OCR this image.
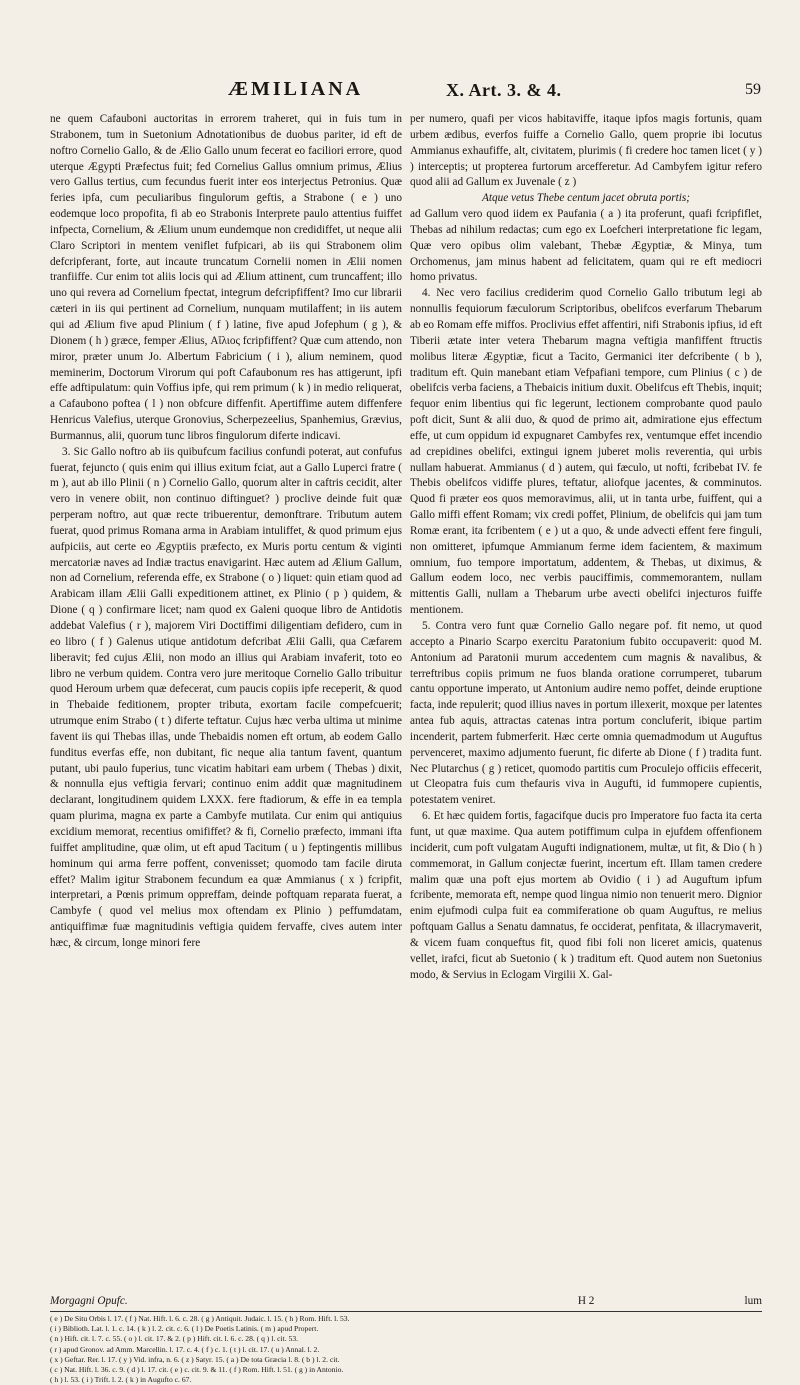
ÆMILIANA	X. Art. 3. & 4.	59

ne quem Cafauboni auctoritas in errorem traheret, qui in fuis tum in Strabonem, tum in Suetonium Adnotationibus de duobus pariter, id eft de noftro Cornelio Gallo, & de Ælio Gallo unum fecerat eo faciliori errore, quod uterque Ægypti Præfectus fuit; fed Cornelius Gallus omnium primus, Ælius vero Gallus tertius, cum fecundus fuerit inter eos interjectus Petronius. Quæ feries ipfa, cum peculiaribus fingulorum geftis, a Strabone ( e ) uno eodemque loco propofita, fi ab eo Strabonis Interprete paulo attentius fuiffet infpecta, Cornelium, & Ælium unum eundemque non credidiffet, ut neque alii Claro Scriptori in mentem veniflet fufpicari, ab iis qui Strabonem olim defcripferant, forte, aut incaute truncatum Cornelii nomen in Ælii nomen tranfiiffe. Cur enim tot aliis locis qui ad Ælium attinent, cum truncaffent; illo uno qui revera ad Cornelium fpectat, integrum defcripfiffent? Imo cur librarii cæteri in iis qui pertinent ad Cornelium, nunquam mutilaffent; in iis autem qui ad Ælium five apud Plinium ( f ) latine, five apud Jofephum ( g ), & Dionem ( h ) græce, femper Ælius, Αἴλιος fcripfiffent? Quæ cum attendo, non miror, præter unum Jo. Albertum Fabricium ( i ), alium neminem, quod meminerim, Doctorum Virorum qui poft Cafaubonum res has attigerunt, ipfi effe adftipulatum: quin Voffius ipfe, qui rem primum ( k ) in medio reliquerat, a Cafaubono poftea ( l ) non obfcure diffenfit. Apertiffime autem diffenfere Henricus Valefius, uterque Gronovius, Scherpezeelius, Spanhemius, Grævius, Burmannus, alii, quorum tunc libros fingulorum diferte indicavi.

3. Sic Gallo noftro ab iis quibufcum facilius confundi poterat, aut confufus fuerat, fejuncto ( quis enim qui illius exitum fciat, aut a Gallo Luperci fratre ( m ), aut ab illo Plinii ( n ) Cornelio Gallo, quorum alter in caftris cecidit, alter vero in venere obiit, non continuo diftinguet? ) proclive deinde fuit quæ perperam noftro, aut quæ recte tribuerentur, demonftrare. Tributum autem fuerat, quod primus Romana arma in Arabiam intuliffet, & quod primum ejus aufpiciis, aut certe eo Ægyptiis præfecto, ex Muris portu centum & viginti mercatoriæ naves ad Indiæ tractus enavigarint. Hæc autem ad Ælium Gallum, non ad Cornelium, referenda effe, ex Strabone ( o ) liquet: quin etiam quod ad Arabicam illam Ælii Galli expeditionem attinet, ex Plinio ( p ) quidem, & Dione ( q ) confirmare licet; nam quod ex Galeni quoque libro de Antidotis addebat Valefius ( r ), majorem Viri Doctiffimi diligentiam defidero, cum in eo libro ( f ) Galenus utique antidotum defcribat Ælii Galli, qua Cæfarem liberavit; fed cujus Ælii, non modo an illius qui Arabiam invaferit, toto eo libro ne verbum quidem. Contra vero jure meritoque Cornelio Gallo tribuitur quod Heroum urbem quæ defecerat, cum paucis copiis ipfe receperit, & quod in Thebaide feditionem, propter tributa, exortam facile compefcuerit; utrumque enim Strabo ( t ) diferte teftatur. Cujus hæc verba ultima ut minime favent iis qui Thebas illas, unde Thebaidis nomen eft ortum, ab eodem Gallo funditus everfas effe, non dubitant, fic neque alia tantum favent, quantum putant, ubi paulo fuperius, tunc vicatim habitari eam urbem ( Thebas ) dixit, & nonnulla ejus veftigia fervari; continuo enim addit quæ magnitudinem declarant, longitudinem quidem LXXX. fere ftadiorum, & effe in ea templa quam plurima, magna ex parte a Cambyfe mutilata. Cur enim qui antiquius excidium memorat, recentius omififfet? & fi, Cornelio præfecto, immani ifta fuiffet amplitudine, quæ olim, ut eft apud Tacitum ( u ) feptingentis millibus hominum qui arma ferre poffent, convenisset; quomodo tam facile diruta effet? Malim igitur Strabonem fecundum ea quæ Ammianus ( x ) fcripfit, interpretari, a Pœnis primum oppreffam, deinde poftquam reparata fuerat, a Cambyfe ( quod vel melius mox oftendam ex Plinio ) peffumdatam, antiquiffimæ fuæ magnitudinis veftigia quidem fervaffe, cives autem inter hæc, & circum, longe minori fere

per numero, quafi per vicos habitaviffe, itaque ipfos magis fortunis, quam urbem ædibus, everfos fuiffe a Cornelio Gallo, quem proprie ibi locutus Ammianus exhaufiffe, alt, civitatem, plurimis ( fi credere hoc tamen licet ( y ) ) interceptis; ut propterea furtorum arcefferetur. Ad Cambyfem igitur refero quod alii ad Gallum ex Juvenale ( z )

Atque vetus Thebe centum jacet obruta portis;

ad Gallum vero quod iidem ex Paufania ( a ) ita proferunt, quafi fcripfiflet, Thebas ad nihilum redactas; cum ego ex Loefcheri interpretatione fic legam, Quæ vero opibus olim valebant, Thebæ Ægyptiæ, & Minya, tum Orchomenus, jam minus habent ad felicitatem, quam qui re eft mediocri homo privatus.

4. Nec vero facilius crediderim quod Cornelio Gallo tributum legi ab nonnullis fequiorum fæculorum Scriptoribus, obelifcos everfarum Thebarum ab eo Romam effe miffos. Proclivius effet affentiri, nifi Strabonis ipfius, id eft Tiberii ætate inter vetera Thebarum magna veftigia manfiffent ftructis molibus literæ Ægyptiæ, ficut a Tacito, Germanici iter defcribente ( b ), traditum eft. Quin manebant etiam Vefpafiani tempore, cum Plinius ( c ) de obelifcis verba faciens, a Thebaicis initium duxit. Obelifcus eft Thebis, inquit; fequor enim libentius qui fic legerunt, lectionem comprobante quod paulo poft dicit, Sunt & alii duo, & quod de primo ait, admiratione ejus effectum effe, ut cum oppidum id expugnaret Cambyfes rex, ventumque effet incendio ad crepidines obelifci, extingui ignem juberet molis reverentia, qui urbis nullam habuerat. Ammianus ( d ) autem, qui fæculo, ut nofti, fcribebat IV. fe Thebis obelifcos vidiffe plures, teftatur, aliofque jacentes, & comminutos. Quod fi præter eos quos memoravimus, alii, ut in tanta urbe, fuiffent, qui a Gallo miffi effent Romam; vix credi poffet, Plinium, de obelifcis qui jam tum Romæ erant, ita fcribentem ( e ) ut a quo, & unde advecti effent fere finguli, non omitteret, ipfumque Ammianum ferme idem facientem, & maximum omnium, fuo tempore importatum, addentem, & Thebas, ut diximus, & Gallum eodem loco, nec verbis pauciffimis, commemorantem, nullam mittentis Galli, nullam a Thebarum urbe avecti obelifci injecturos fuiffe mentionem.

5. Contra vero funt quæ Cornelio Gallo negare pof. fit nemo, ut quod accepto a Pinario Scarpo exercitu Paratonium fubito occupaverit: quod M. Antonium ad Paratonii murum accedentem cum magnis & navalibus, & terreftribus copiis primum ne fuos blanda oratione corrumperet, tubarum cantu opportune imperato, ut Antonium audire nemo poffet, deinde eruptione facta, inde repulerit; quod illius naves in portum illexerit, moxque per latentes antea fub aquis, attractas catenas intra portum concluferit, ibique partim incenderit, partem fubmerferit. Hæc certe omnia quemadmodum ut Auguftus pervenceret, maximo adjumento fuerunt, fic diferte ab Dione ( f ) tradita funt. Nec Plutarchus ( g ) reticet, quomodo partitis cum Proculejo officiis effecerit, ut Cleopatra fuis cum thefauris viva in Augufti, id fummopere cupientis, potestatem veniret.

6. Et hæc quidem fortis, fagacifque ducis pro Imperatore fuo facta ita certa funt, ut quæ maxime. Qua autem potiffimum culpa in ejufdem offenfionem inciderit, cum poft vulgatam Augufti indignationem, multæ, ut fit, & Dio ( h ) commemorat, in Gallum conjectæ fuerint, incertum eft. Illam tamen credere malim quæ una poft ejus mortem ab Ovidio ( i ) ad Auguftum ipfum fcribente, memorata eft, nempe quod lingua nimio non tenuerit mero. Dignior enim ejufmodi culpa fuit ea commiferatione ob quam Auguftus, re melius poftquam Gallus a Senatu damnatus, fe occiderat, penfitata, & illacrymaverit, & vicem fuam conqueftus fit, quod fibi foli non liceret amicis, quatenus vellet, irafci, ficut ab Suetonio ( k ) traditum eft. Quod autem non Suetonius modo, & Servius in Eclogam Virgilii X. Gal-

Morgagni Opufc.	H 2	lum
( e ) De Situ Orbis l. 17. ( f ) Nat. Hift. l. 6. c. 28. ( g ) Antiquit. Judaic. l. 15. ( h ) Rom. Hift. l. 53.
( i ) Biblioth. Lat. l. 1. c. 14. ( k ) l. 2. cit. c. 6. ( l ) De Poetis Latinis. ( m ) apud Propert.
( n ) Hift. cit. l. 7. c. 55. ( o ) l. cit. 17. & 2. ( p ) Hift. cit. l. 6. c. 28. ( q ) l. cit. 53.
( r ) apud Gronov. ad Amm. Marcellin. l. 17. c. 4. ( f ) c. 1. ( t ) l. cit. 17. ( u ) Annal. l. 2.
( x ) Geftar. Rer. l. 17. ( y ) Vid. infra, n. 6. ( z ) Satyr. 15. ( a ) De tota Græcia l. 8. ( b ) l. 2. cit.
( c ) Nat. Hift. l. 36. c. 9. ( d ) l. 17. cit. ( e ) c. cit. 9. & 11. ( f ) Rom. Hift. l. 51. ( g ) in Antonio.
( h ) l. 53. ( i ) Trift. l. 2. ( k ) in Augufto c. 67.
